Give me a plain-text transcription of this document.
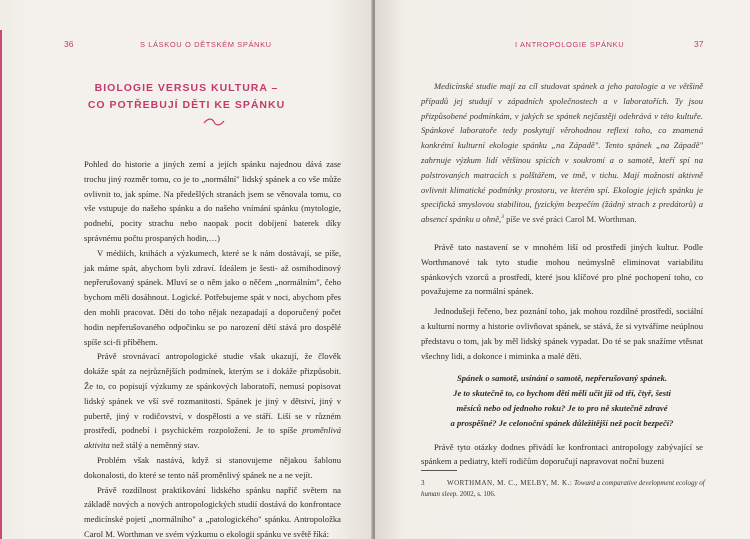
36	S LÁSKOU O DĚTSKÉM SPÁNKU
BIOLOGIE VERSUS KULTURA –
CO POTŘEBUJÍ DĚTI KE SPÁNKU

Pohled do historie a jiných zemí a jejích spánku najednou dává zase trochu jiný rozměr tomu, co je to „normální" lidský spánek a co vše může ovlivnit to, jak spíme. Na předešlých stranách jsem se věnovala tomu, co vše vstupuje do našeho spánku a do našeho vnímání spánku (mytologie, podnebí, pocity strachu nebo naopak pocit dobíjení baterek díky správnému počtu prospaných hodin,…)

V médiích, knihách a výzkumech, které se k nám dostávají, se píše, jak máme spát, abychom byli zdraví. Ideálem je šesti- až osmihodinový nepřerušovaný spánek. Mluví se o něm jako o něčem „normálním", čeho bychom měli dosáhnout. Logické. Potřebujeme spát v noci, abychom přes den mohli pracovat. Děti do toho nějak nezapadají a doporučený počet hodin nepřerušovaného odpočinku se po narození dětí stává pro dospělé spíše sci-fi příběhem.

Právě srovnávací antropologické studie však ukazují, že člověk dokáže spát za nejrůznějších podmínek, kterým se i dokáže přizpůsobit. Že to, co popisují výzkumy ze spánkových laboratoří, nemusí popisovat lidský spánek ve vší své rozmanitosti. Spánek je jiný v dětství, jiný v pubertě, jiný v rodičovství, v dospělosti a ve stáří. Liší se v různém prostředí, podnebí i psychickém rozpoložení. Je to spíše proměnlivá aktivita než stálý a neměnný stav.

Problém však nastává, když si stanovujeme nějakou šablonu dokonalosti, do které se tento náš proměnlivý spánek ne a ne vejít.

Právě rozdílnost praktikování lidského spánku napříč světem na základě nových a nových antropologických studií dostává do konfrontace medicínské pojetí „normálního" a „patologického" spánku. Antropoložka Carol M. Worthman ve svém výzkumu o ekologii spánku ve světě říká:

I ANTROPOLOGIE SPÁNKU	37

Medicínské studie mají za cíl studovat spánek a jeho patologie a ve většině případů jej studují v západních společnostech a v laboratořích. Ty jsou přizpůsobené podmínkám, v jakých se spánek nejčastěji odehrává v této kultuře. Spánkové laboratoře tedy poskytují věrohodnou reflexi toho, co znamená konkrétní kulturní ekologie spánku „na Západě". Tento spánek „na Západě" zahrnuje výzkum lidí většinou spících v soukromí a o samotě, kteří spí na polstrovaných matracích s polštářem, ve tmě, v tichu. Mají možnosti aktivně ovlivnit klimatické podmínky prostoru, ve kterém spí. Ekologie jejich spánku je specifická smyslovou stabilitou, fyzickým bezpečím (žádný strach z predátorů) a absencí spánku u ohně,$^3$ píše ve své práci Carol M. Worthman.

Právě tato nastavení se v mnohém liší od prostředí jiných kultur. Podle Worthmanové tak tyto studie mohou neúmyslně eliminovat variabilitu spánkových vzorců a prostředí, které jsou klíčové pro plné pochopení toho, co považujeme za normální spánek.

Jednodušeji řečeno, bez poznání toho, jak mohou rozdílné prostředí, sociální a kulturní normy a historie ovlivňovat spánek, se stává, že si vytváříme neúplnou představu o tom, jak by měl lidský spánek vypadat. Do té se pak snažíme vtěsnat všechny lidi, a dokonce i miminka a malé děti.

Spánek o samotě, usínání o samotě, nepřerušovaný spánek.
Je to skutečně to, co bychom děti měli učit již od tří, čtyř, šesti
měsíců nebo od jednoho roku? Je to pro ně skutečně zdravé
a prospěšné? Je celonoční spánek důležitější než pocit bezpečí?

Právě tyto otázky dodnes přivádí ke konfrontaci antropology zabývající se spánkem a pediatry, kteří rodičům doporučují napravovat noční buzeni

3	WORTHMAN, M. C., MELBY, M. K.: Toward a comparative development ecology of human sleep. 2002, s. 106.
